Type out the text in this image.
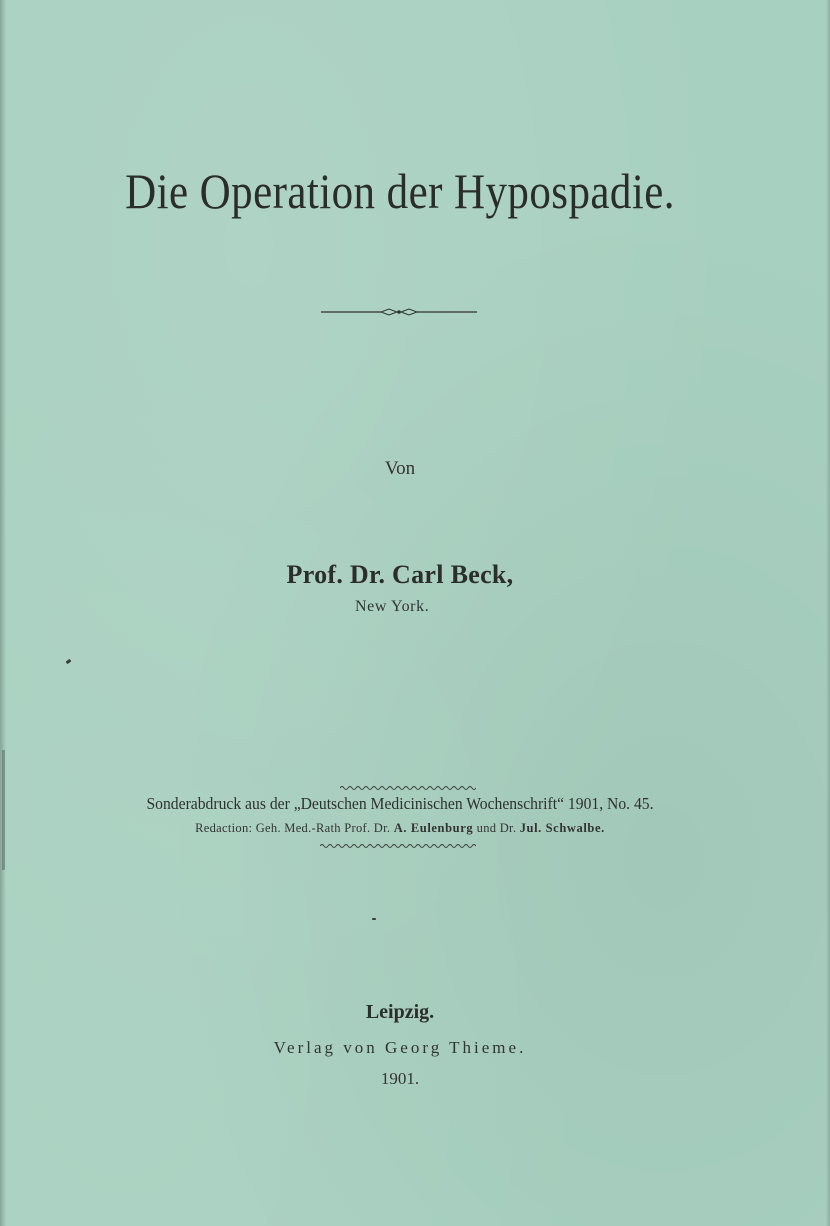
Die Operation der Hypospadie.
Von
Prof. Dr. Carl Beck,
New York.
Sonderabdruck aus der „Deutschen Medicinischen Wochenschrift“ 1901, No. 45.
Redaction: Geh. Med.-Rath Prof. Dr. A. Eulenburg und Dr. Jul. Schwalbe.
Leipzig.
Verlag von Georg Thieme.
1901.
